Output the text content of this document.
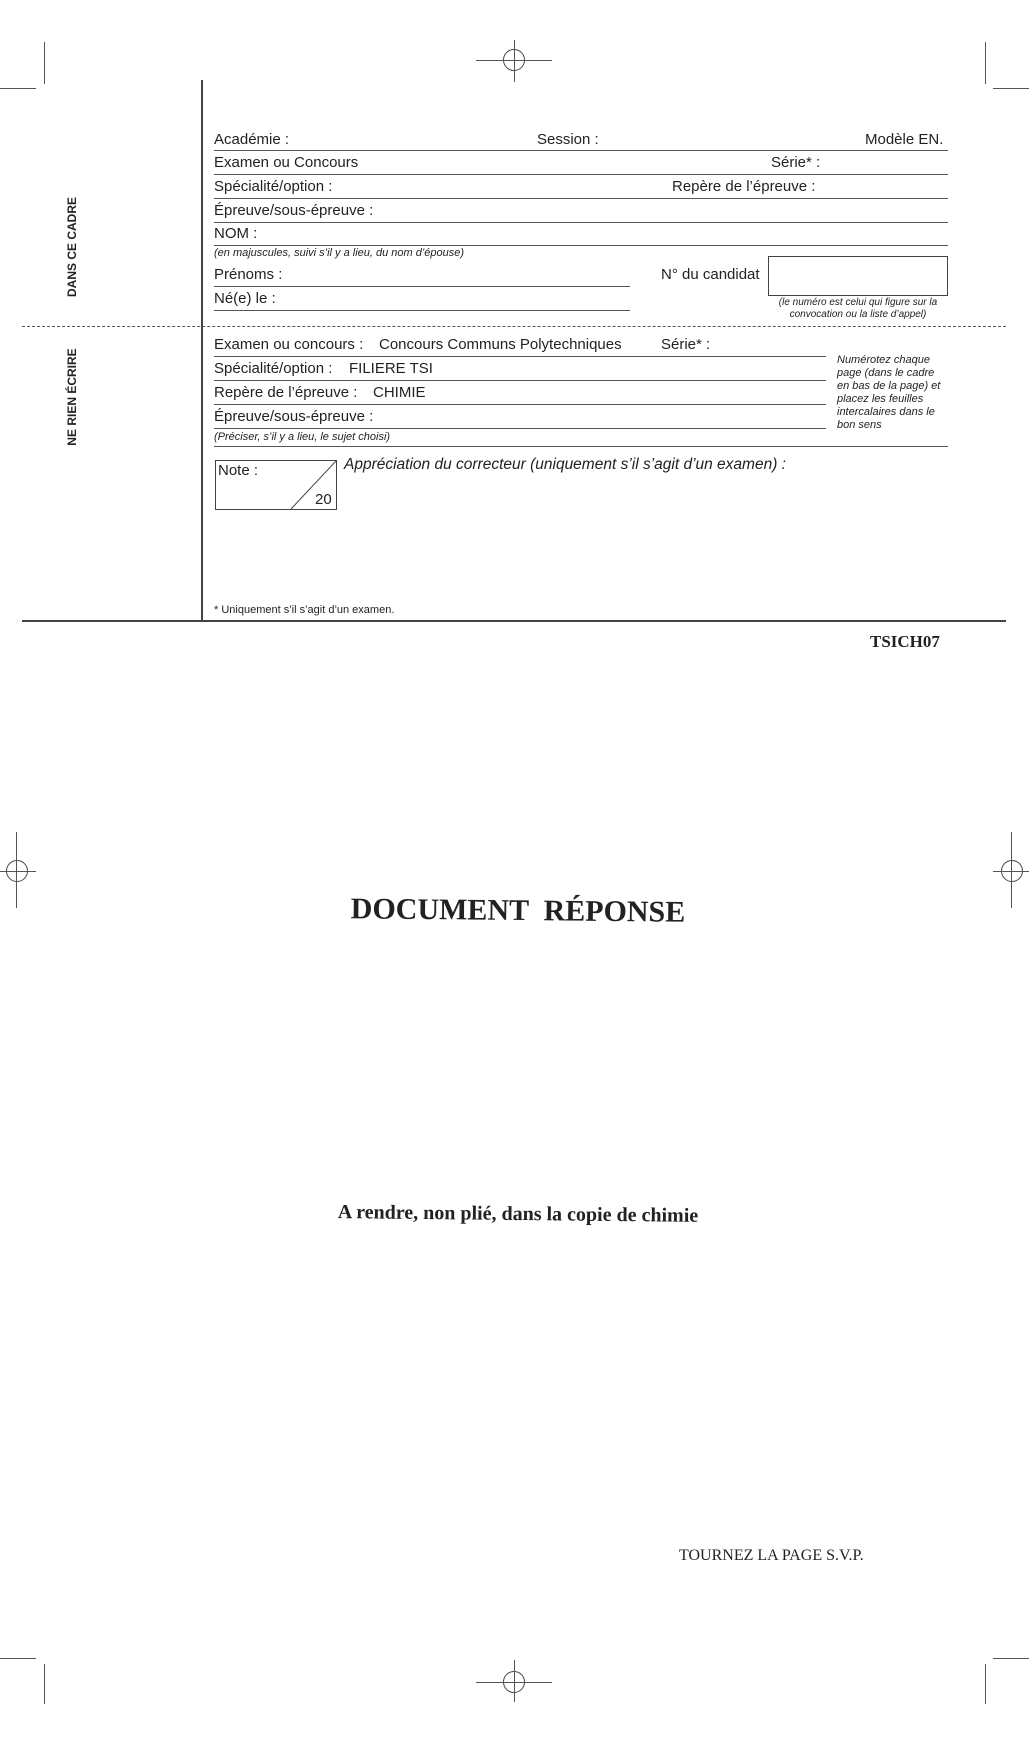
DANS CE CADRE
NE RIEN ÉCRIRE
Académie :	Session :	Modèle EN.
Examen ou Concours	Série* :
Spécialité/option :	Repère de l’épreuve :
Épreuve/sous-épreuve :
NOM :
(en majuscules, suivi s’il y a lieu, du nom d’épouse)
Prénoms :
Né(e) le :
N° du candidat
(le numéro est celui qui figure sur la
convocation ou la liste d’appel)
Examen ou concours : Concours Communs Polytechniques	Série* :
Spécialité/option : FILIERE TSI
Repère de l’épreuve : CHIMIE
Épreuve/sous-épreuve :
(Préciser, s’il y a lieu, le sujet choisi)
Numérotez chaque
page (dans le cadre
en bas de la page) et
placez les feuilles
intercalaires dans le
bon sens
Note :
20
Appréciation du correcteur (uniquement s’il s’agit d’un examen) :
* Uniquement s’il s’agit d’un examen.
TSICH07
DOCUMENT  RÉPONSE
A rendre, non plié, dans la copie de chimie
TOURNEZ LA PAGE S.V.P.
